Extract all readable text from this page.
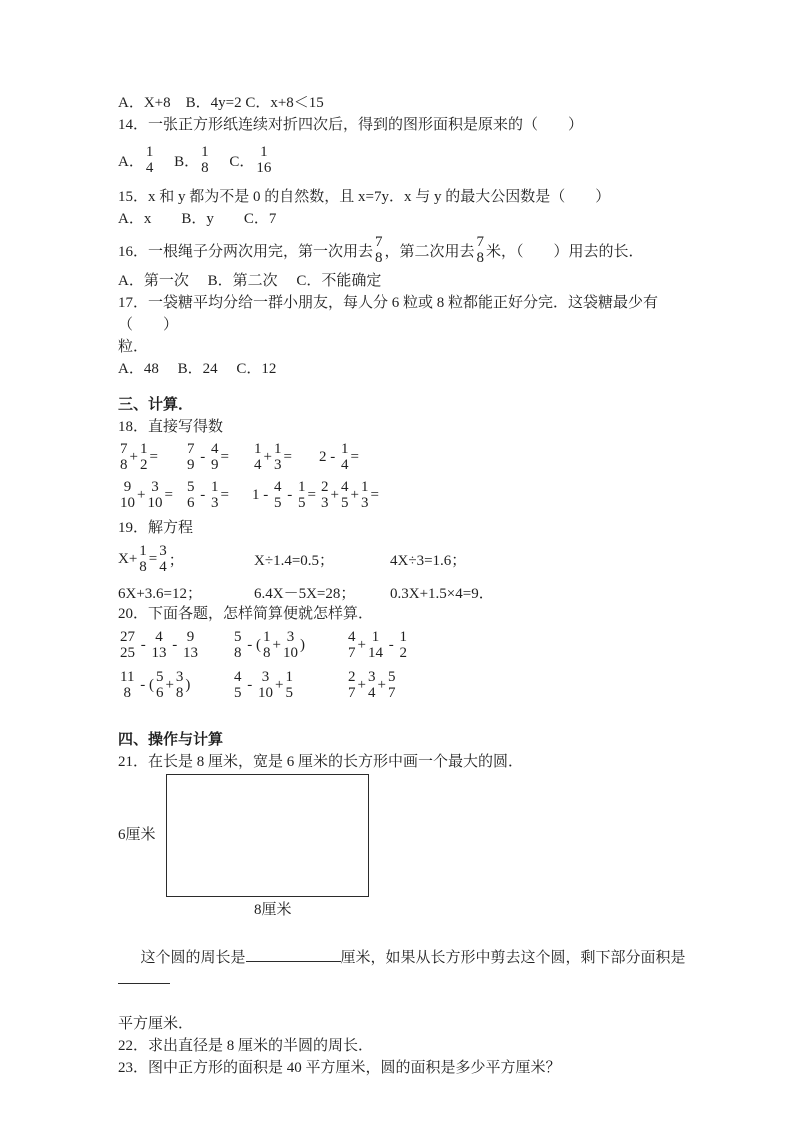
A．X+8　B．4y=2 C．x+8＜15
14．一张正方形纸连续对折四次后，得到的图形面积是原来的（　　）
A．
1
4 　 B．
1
8 　 C．
1
16
15．x 和 y 都为不是 0 的自然数，且 x=7y．x 与 y 的最大公因数是（　　）
A．x　　B．y　　C．7
16．一根绳子分两次用完，第一次用去
7
8 ，第二次用去
7
8 米，（　　）用去的长．
A．第一次　 B．第二次　 C．不能确定
17．一袋糖平均分给一群小朋友，每人分 6 粒或 8 粒都能正好分完．这袋糖最少有（　　）
粒．
A．48　 B．24　 C．12
三、计算．
18．直接写得数
7
8
+ 1
2
= 7
9
- 4
9
= 1
4
+ 1
3
= 2 - 1
4
=
9
10
+ 3
10
= 5
6
- 1
3
= 1 - 4
5
- 1
5
= 2
3
+ 4
5
+ 1
3
=
19．解方程
X+ 1
8
= 3
4 ；	X÷1.4=0.5；	4X÷3=1.6；
6X+3.6=12；	6.4X－5X=28；	0.3X+1.5×4=9．
20．下面各题，怎样简算便就怎样算．
27
25
- 4
13
- 9
13
5
8
- ( 1
8
+ 3
10
)	4
7
+ 1
14
- 1
2
11
8
- ( 5
6
+ 3
8
)	4
5
- 3
10
+ 1
5
2
7
+ 3
4
+ 5
7
四、操作与计算
21．在长是 8 厘米，宽是 6 厘米的长方形中画一个最大的圆．
6厘米
8厘米

这个圆的周长是	厘米，如果从长方形中剪去这个圆，剩下部分面积是

平方厘米．
22．求出直径是 8 厘米的半圆的周长．
23．图中正方形的面积是 40 平方厘米，圆的面积是多少平方厘米？
